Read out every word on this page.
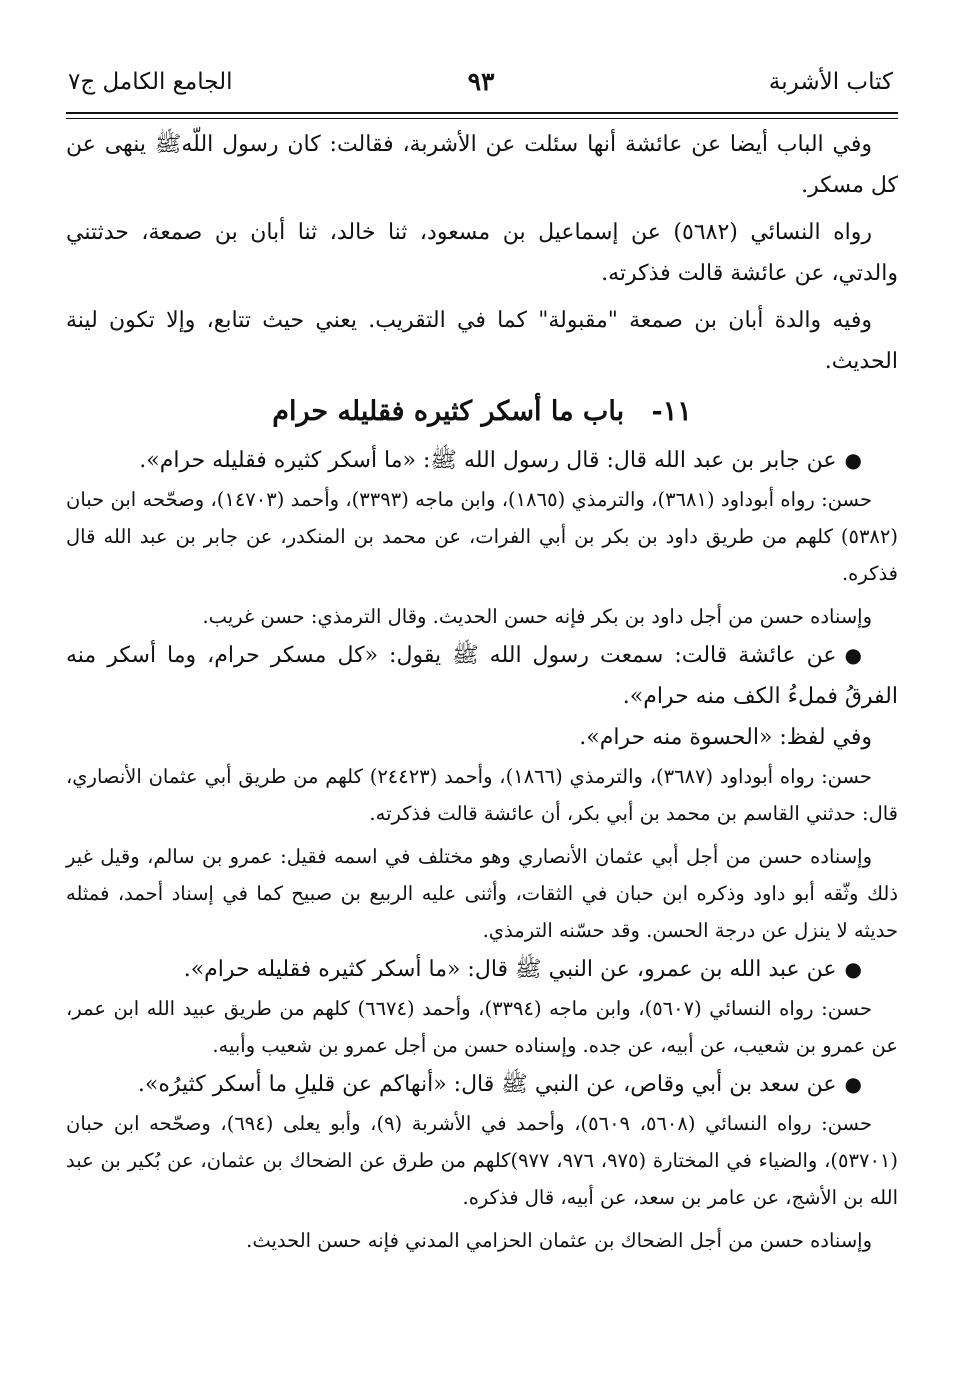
كتاب الأشربة
٩٣
الجامع الكامل ج٧

وفي الباب أيضا عن عائشة أنها سئلت عن الأشربة، فقالت: كان رسول اللّهﷺ ينهى عن كل مسكر.

رواه النسائي (٥٦٨٢) عن إسماعيل بن مسعود، ثنا خالد، ثنا أبان بن صمعة، حدثتني والدتي، عن عائشة قالت فذكرته.

وفيه والدة أبان بن صمعة "مقبولة" كما في التقريب. يعني حيث تتابع، وإلا تكون لينة الحديث.

١١- باب ما أسكر كثيره فقليله حرام

●عن جابر بن عبد الله قال: قال رسول الله ﷺ: «ما أسكر كثيره فقليله حرام».

حسن: رواه أبوداود (٣٦٨١)، والترمذي (١٨٦٥)، وابن ماجه (٣٣٩٣)، وأحمد (١٤٧٠٣)، وصحّحه ابن حبان (٥٣٨٢) كلهم من طريق داود بن بكر بن أبي الفرات، عن محمد بن المنكدر، عن جابر بن عبد الله قال فذكره.

وإسناده حسن من أجل داود بن بكر فإنه حسن الحديث. وقال الترمذي: حسن غريب.

●عن عائشة قالت: سمعت رسول الله ﷺ يقول: «كل مسكر حرام، وما أسكر منه الفرقُ فملءُ الكف منه حرام».

وفي لفظ: «الحسوة منه حرام».

حسن: رواه أبوداود (٣٦٨٧)، والترمذي (١٨٦٦)، وأحمد (٢٤٤٢٣) كلهم من طريق أبي عثمان الأنصاري، قال: حدثني القاسم بن محمد بن أبي بكر، أن عائشة قالت فذكرته.

وإسناده حسن من أجل أبي عثمان الأنصاري وهو مختلف في اسمه فقيل: عمرو بن سالم، وقيل غير ذلك وثّقه أبو داود وذكره ابن حبان في الثقات، وأثنى عليه الربيع بن صبيح كما في إسناد أحمد، فمثله حديثه لا ينزل عن درجة الحسن. وقد حسّنه الترمذي.

●عن عبد الله بن عمرو، عن النبي ﷺ قال: «ما أسكر كثيره فقليله حرام».

حسن: رواه النسائي (٥٦٠٧)، وابن ماجه (٣٣٩٤)، وأحمد (٦٦٧٤) كلهم من طريق عبيد الله ابن عمر، عن عمرو بن شعيب، عن أبيه، عن جده. وإسناده حسن من أجل عمرو بن شعيب وأبيه.

●عن سعد بن أبي وقاص، عن النبي ﷺ قال: «أنهاكم عن قليلِ ما أسكر كثيرُه».

حسن: رواه النسائي (٥٦٠٨، ٥٦٠٩)، وأحمد في الأشربة (٩)، وأبو يعلى (٦٩٤)، وصحّحه ابن حبان (٥٣٧٠١)، والضياء في المختارة (٩٧٥، ٩٧٦، ٩٧٧)كلهم من طرق عن الضحاك بن عثمان، عن بُكير بن عبد الله بن الأشج، عن عامر بن سعد، عن أبيه، قال فذكره.

وإسناده حسن من أجل الضحاك بن عثمان الحزامي المدني فإنه حسن الحديث.
